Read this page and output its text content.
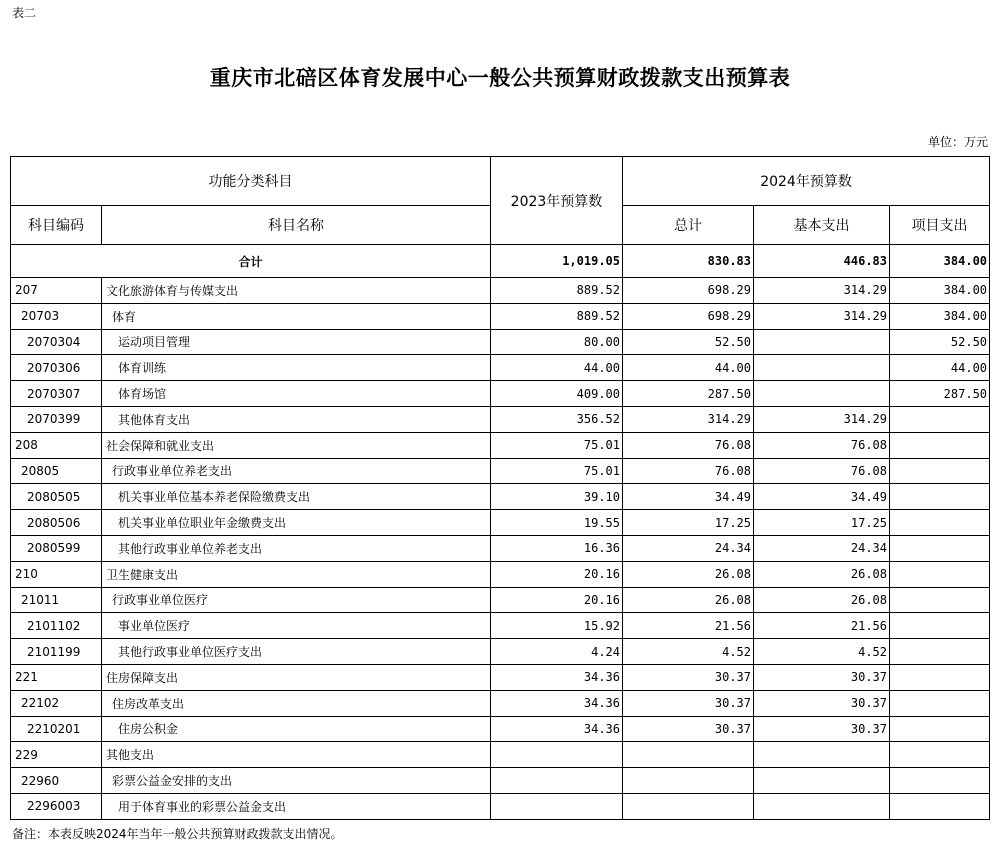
表二
重庆市北碚区体育发展中心一般公共预算财政拨款支出预算表
单位：万元
功能分类科目		2023年预算数	2024年预算数		
科目编码	科目名称		总计	基本支出	项目支出
合计		1,019.05	830.83	446.83	384.00
207	文化旅游体育与传媒支出	889.52	698.29	314.29	384.00
20703	体育	889.52	698.29	314.29	384.00
2070304	运动项目管理	80.00	52.50		52.50
2070306	体育训练	44.00	44.00		44.00
2070307	体育场馆	409.00	287.50		287.50
2070399	其他体育支出	356.52	314.29	314.29	
208	社会保障和就业支出	75.01	76.08	76.08	
20805	行政事业单位养老支出	75.01	76.08	76.08	
2080505	机关事业单位基本养老保险缴费支出	39.10	34.49	34.49	
2080506	机关事业单位职业年金缴费支出	19.55	17.25	17.25	
2080599	其他行政事业单位养老支出	16.36	24.34	24.34	
210	卫生健康支出	20.16	26.08	26.08	
21011	行政事业单位医疗	20.16	26.08	26.08	
2101102	事业单位医疗	15.92	21.56	21.56	
2101199	其他行政事业单位医疗支出	4.24	4.52	4.52	
221	住房保障支出	34.36	30.37	30.37	
22102	住房改革支出	34.36	30.37	30.37	
2210201	住房公积金	34.36	30.37	30.37	
229	其他支出				
22960	彩票公益金安排的支出				
2296003	用于体育事业的彩票公益金支出				
备注：本表反映2024年当年一般公共预算财政拨款支出情况。
